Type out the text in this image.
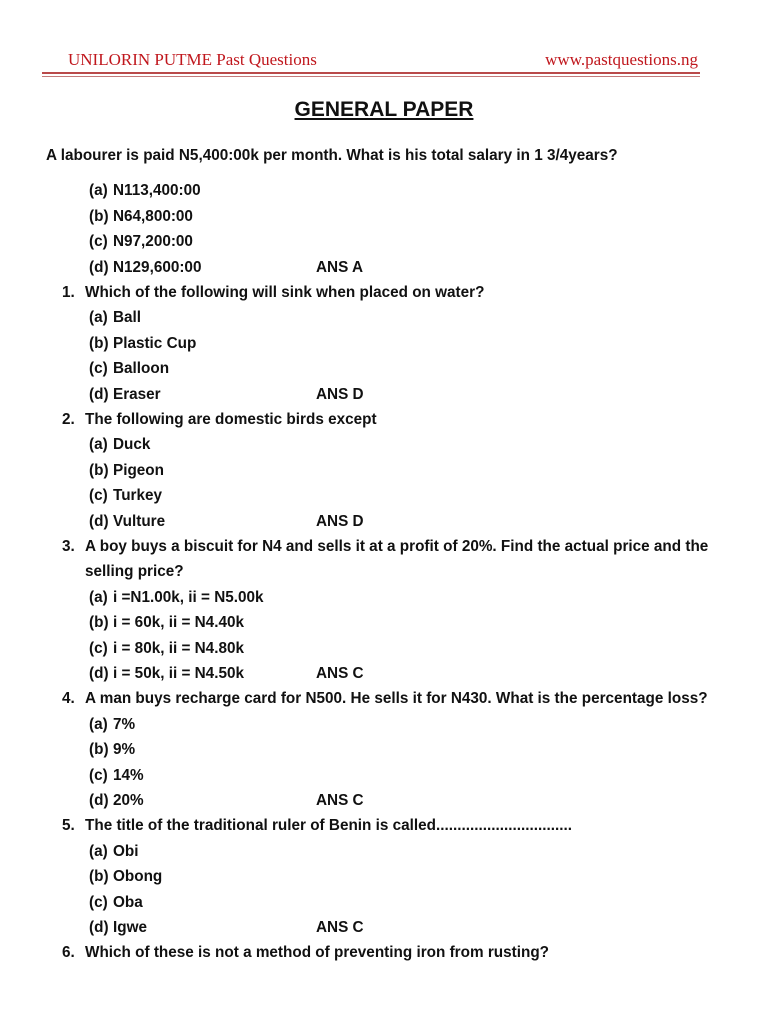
UNILORIN PUTME Past Questions	www.pastquestions.ng
GENERAL PAPER
A labourer is paid N5,400:00k per month. What is his total salary in 1 3/4years?
(a) N113,400:00
(b) N64,800:00
(c) N97,200:00
(d) N129,600:00	ANS A
1. Which of the following will sink when placed on water?
(a) Ball
(b) Plastic Cup
(c) Balloon
(d) Eraser	ANS D
2. The following are domestic birds except
(a) Duck
(b) Pigeon
(c) Turkey
(d) Vulture	ANS D
3. A boy buys a biscuit for N4 and sells it at a profit of 20%. Find the actual price and the
selling price?
(a) i =N1.00k, ii = N5.00k
(b) i = 60k, ii = N4.40k
(c) i = 80k, ii = N4.80k
(d) i = 50k, ii = N4.50k	ANS C
4. A man buys recharge card for N500. He sells it for N430. What is the percentage loss?
(a) 7%
(b) 9%
(c) 14%
(d) 20%	ANS C
5. The title of the traditional ruler of Benin is called................................
(a) Obi
(b) Obong
(c) Oba
(d) Igwe	ANS C
6. Which of these is not a method of preventing iron from rusting?
